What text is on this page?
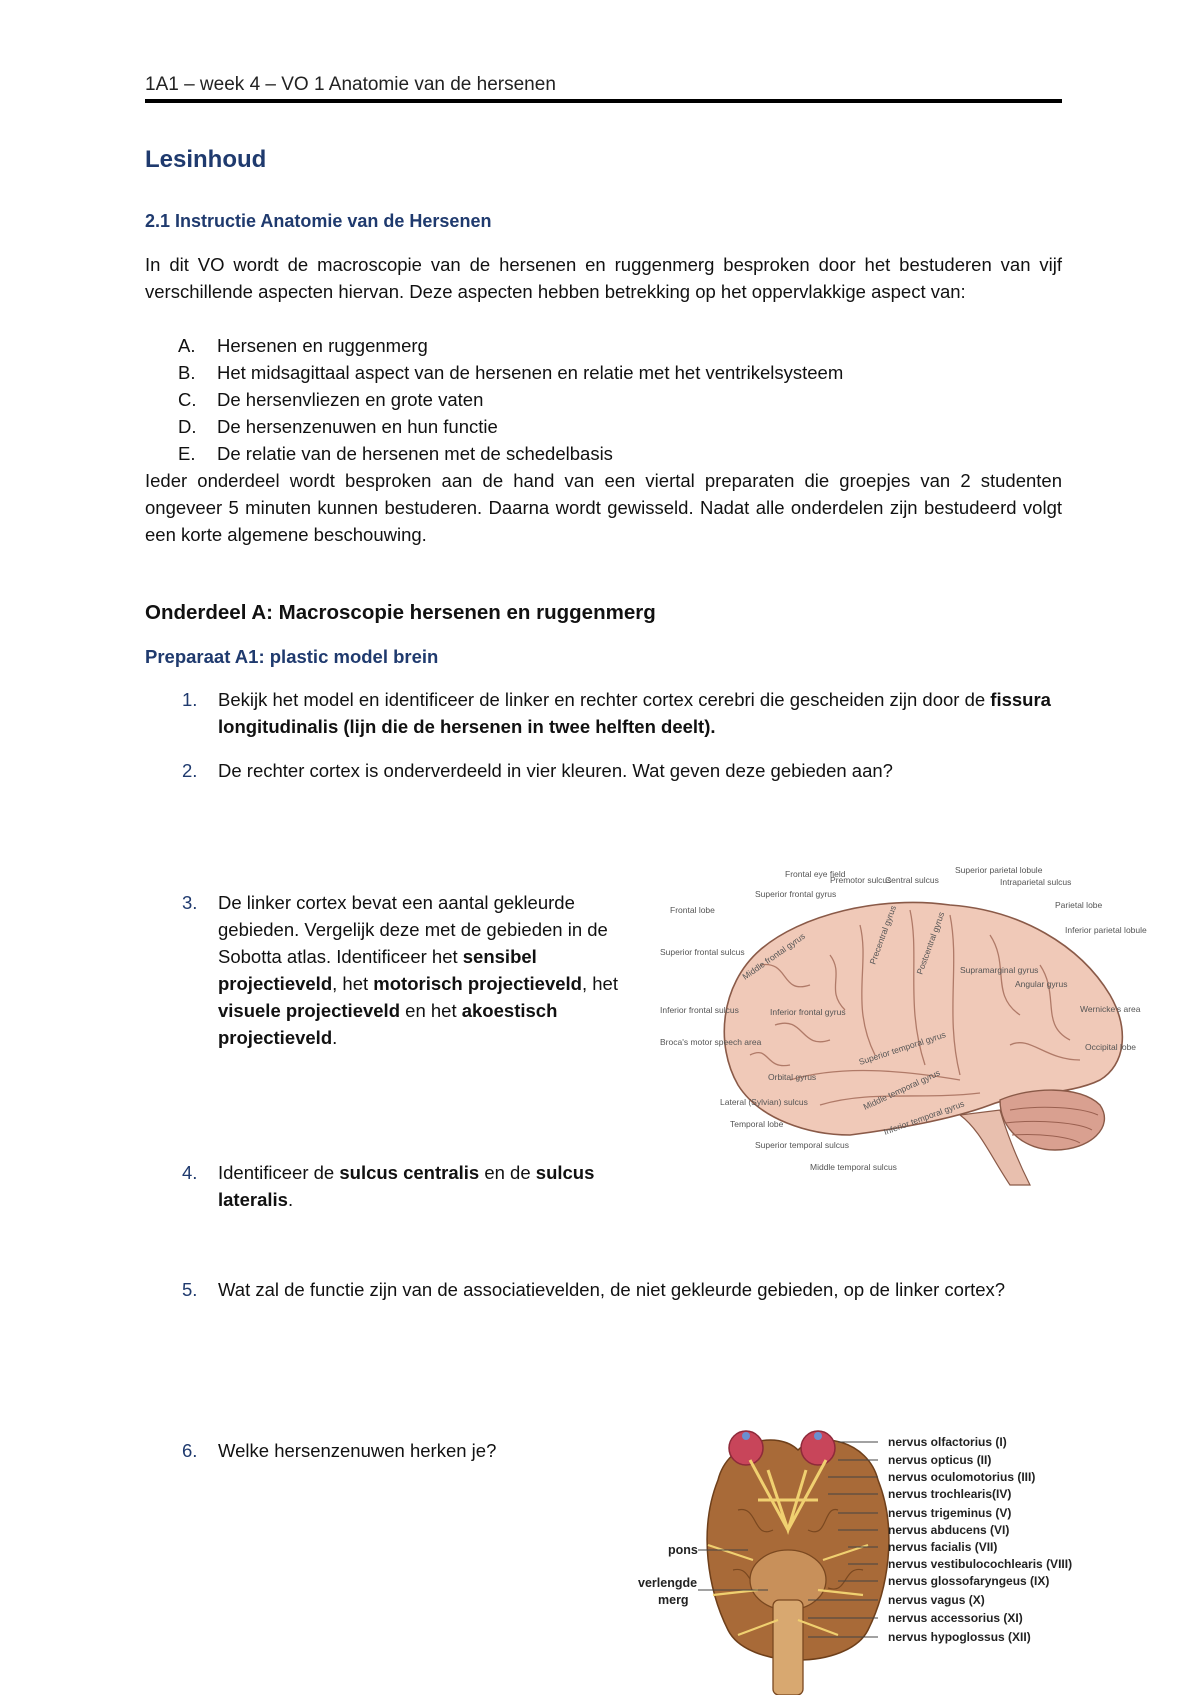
1A1 – week 4 – VO 1 Anatomie van de hersenen
Lesinhoud
2.1 Instructie Anatomie van de Hersenen
In dit VO wordt de macroscopie van de hersenen en ruggenmerg besproken door het bestuderen van vijf verschillende aspecten hiervan. Deze aspecten hebben betrekking op het oppervlakkige aspect van:
A. Hersenen en ruggenmerg
B. Het midsagittaal aspect van de hersenen en relatie met het ventrikelsysteem
C. De hersenvliezen en grote vaten
D. De hersenzenuwen en hun functie
E. De relatie van de hersenen met de schedelbasis
Ieder onderdeel wordt besproken aan de hand van een viertal preparaten die groepjes van 2 studenten ongeveer 5 minuten kunnen bestuderen. Daarna wordt gewisseld. Nadat alle onderdelen zijn bestudeerd volgt een korte algemene beschouwing.
Onderdeel A: Macroscopie hersenen en ruggenmerg
Preparaat A1: plastic model brein
1. Bekijk het model en identificeer de linker en rechter cortex cerebri die gescheiden zijn door de fissura longitudinalis (lijn die de hersenen in twee helften deelt).
2. De rechter cortex is onderverdeeld in vier kleuren. Wat geven deze gebieden aan?
3. De linker cortex bevat een aantal gekleurde gebieden. Vergelijk deze met de gebieden in de Sobotta atlas. Identificeer het sensibel projectieveld, het motorisch projectieveld, het visuele projectieveld en het akoestisch projectieveld.
4. Identificeer de sulcus centralis en de sulcus lateralis.
5. Wat zal de functie zijn van de associatievelden, de niet gekleurde gebieden, op de linker cortex?
6. Welke hersenzenuwen herken je?
Frontal eye field
Premotor sulcus
Central sulcus
Superior parietal lobule
Intraparietal sulcus
Superior frontal gyrus
Frontal lobe	Parietal lobe
Inferior parietal lobule
Superior frontal sulcus
Wernicke's area
Inferior frontal sulcus
Occipital lobe
Broca's motor speech area
Lateral (Sylvian) sulcus
Temporal lobe
Superior temporal sulcus
Middle temporal sulcus
Middle frontal gyrus	Precentral gyrus Postcentral gyrus Supramarginal gyrus
Angular gyrus
Inferior frontal gyrus
Superior temporal gyrus
Middle temporal gyrus
Inferior temporal gyrus
Orbital gyrus
nervus olfactorius (I)
nervus opticus (II)
nervus oculomotorius (III)
nervus trochlearis(IV)
nervus trigeminus (V)
nervus abducens (VI)
nervus facialis (VII)
nervus vestibulocochlearis (VIII)
nervus glossofaryngeus (IX)
nervus vagus (X)
nervus accessorius (XI)
nervus hypoglossus (XII)
pons
verlengde
merg
